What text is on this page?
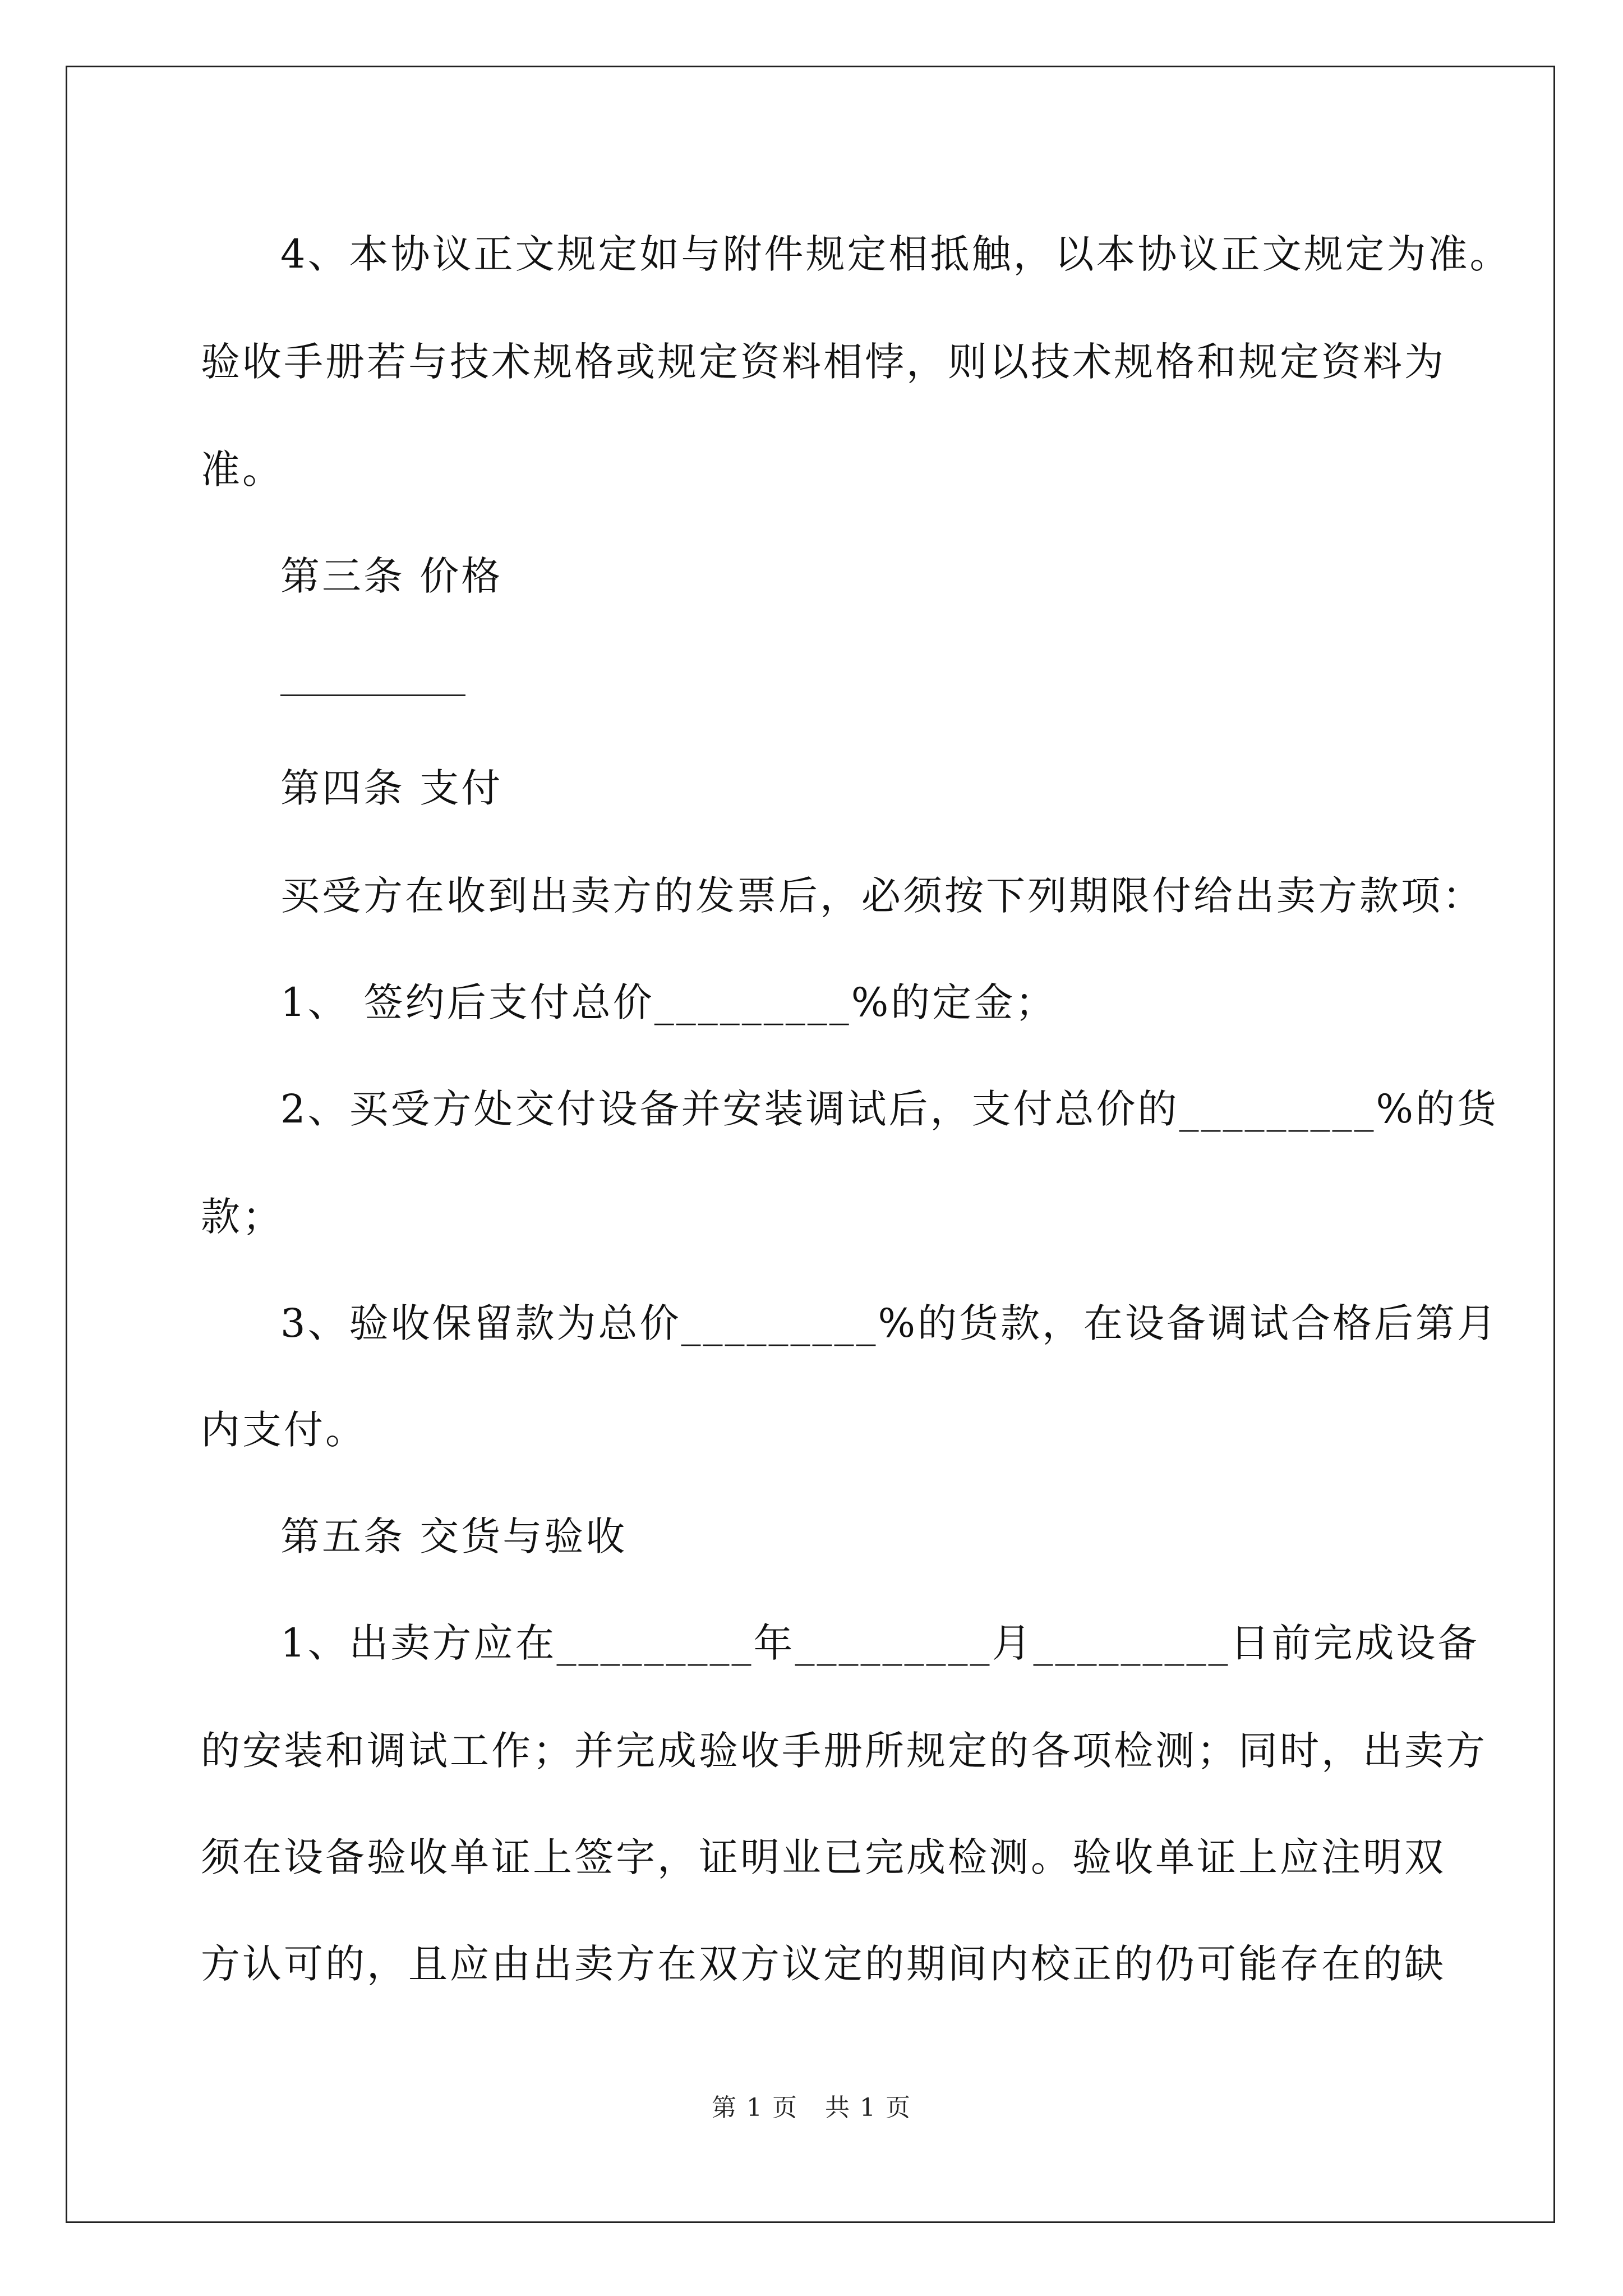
4、本协议正文规定如与附件规定相抵触，以本协议正文规定为准。
验收手册若与技术规格或规定资料相悖，则以技术规格和规定资料为
准。
第三条 价格
第四条 支付
买受方在收到出卖方的发票后，必须按下列期限付给出卖方款项：
1、 签约后支付总价_________%的定金；
2、买受方处交付设备并安装调试后，支付总价的_________%的货
款；
3、验收保留款为总价_________%的货款，在设备调试合格后第月
内支付。
第五条 交货与验收
1、出卖方应在_________年_________月_________日前完成设备
的安装和调试工作；并完成验收手册所规定的各项检测；同时，出卖方
须在设备验收单证上签字，证明业已完成检测。验收单证上应注明双
方认可的，且应由出卖方在双方议定的期间内校正的仍可能存在的缺
第 1 页 共 1 页
